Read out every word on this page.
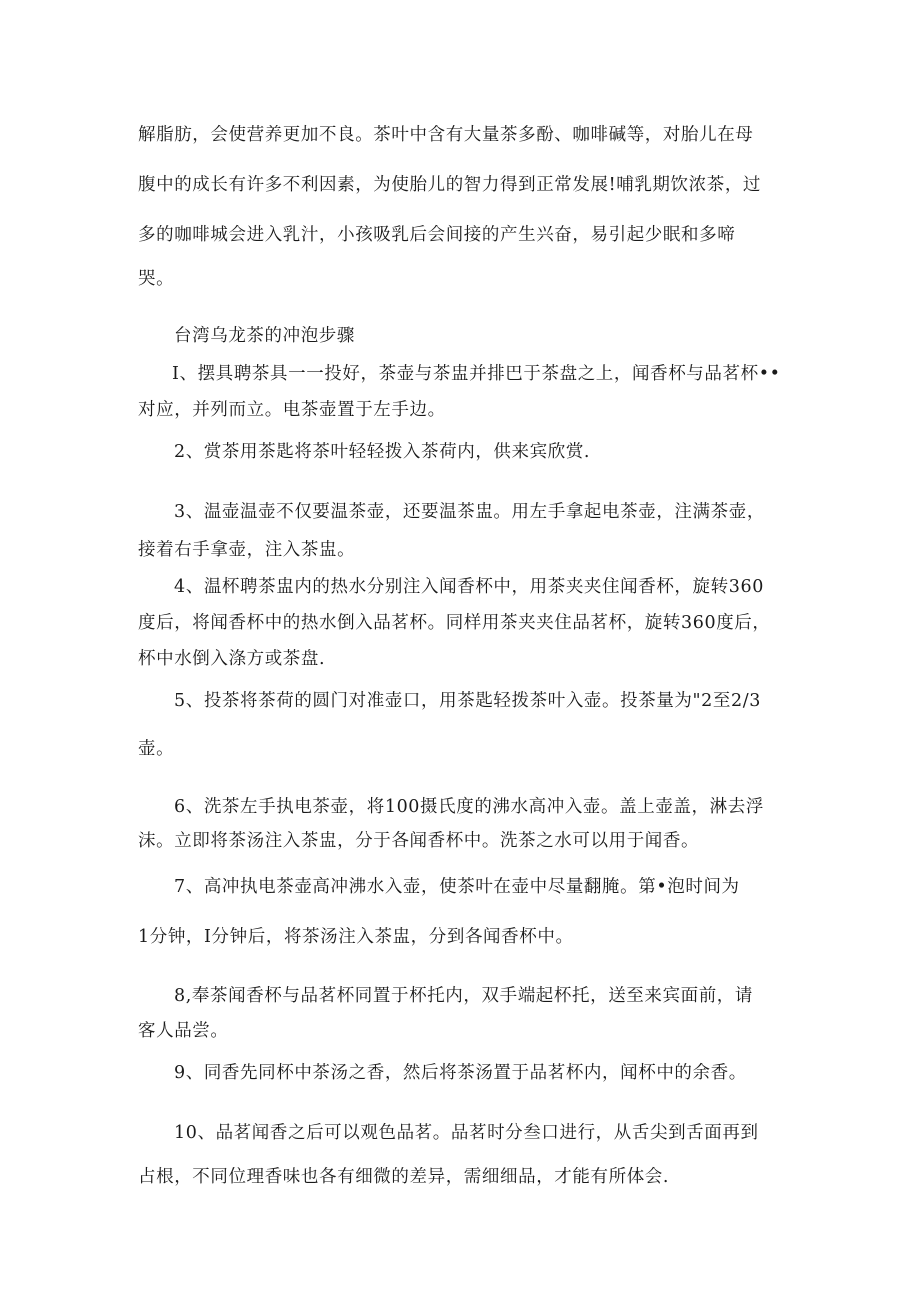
解脂肪，会使营养更加不良。茶叶中含有大量茶多酚、咖啡碱等，对胎儿在母
腹中的成长有许多不利因素，为使胎儿的智力得到正常发展!哺乳期饮浓茶，过
多的咖啡城会进入乳汁，小孩吸乳后会间接的产生兴奋，易引起少眠和多啼
哭。
台湾乌龙茶的冲泡步骤
I、摆具聘茶具一一投好，茶壶与茶盅并排巴于茶盘之上，闻香杯与品茗杯••
对应，并列而立。电茶壶置于左手边。
2、赏茶用茶匙将茶叶轻轻拨入茶荷内，供来宾欣赏.
3、温壶温壶不仅要温茶壶，还要温茶盅。用左手拿起电茶壶，注满茶壶，
接着右手拿壶，注入茶盅。
4、温杯聘茶盅内的热水分别注入闻香杯中，用茶夹夹住闻香杯，旋转360
度后，将闻香杯中的热水倒入品茗杯。同样用茶夹夹住品茗杯，旋转360度后，
杯中水倒入涤方或茶盘.
5、投茶将茶荷的圆门对准壶口，用茶匙轻拨茶叶入壶。投茶量为"2至2/3
壶。
6、洗茶左手执电茶壶，将100摄氏度的沸水高冲入壶。盖上壶盖，淋去浮
沫。立即将茶汤注入茶盅，分于各闻香杯中。洗茶之水可以用于闻香。
7、高冲执电茶壶高冲沸水入壶，使茶叶在壶中尽量翻腌。第•泡时间为
1分钟，I分钟后，将茶汤注入茶盅，分到各闻香杯中。
8,奉茶闻香杯与品茗杯同置于杯托内，双手端起杯托，送至来宾面前，请
客人品尝。
9、同香先同杯中茶汤之香，然后将茶汤置于品茗杯内，闻杯中的余香。
10、品茗闻香之后可以观色品茗。品茗时分叁口进行，从舌尖到舌面再到
占根，不同位理香味也各有细微的差异，需细细品，才能有所体会.
